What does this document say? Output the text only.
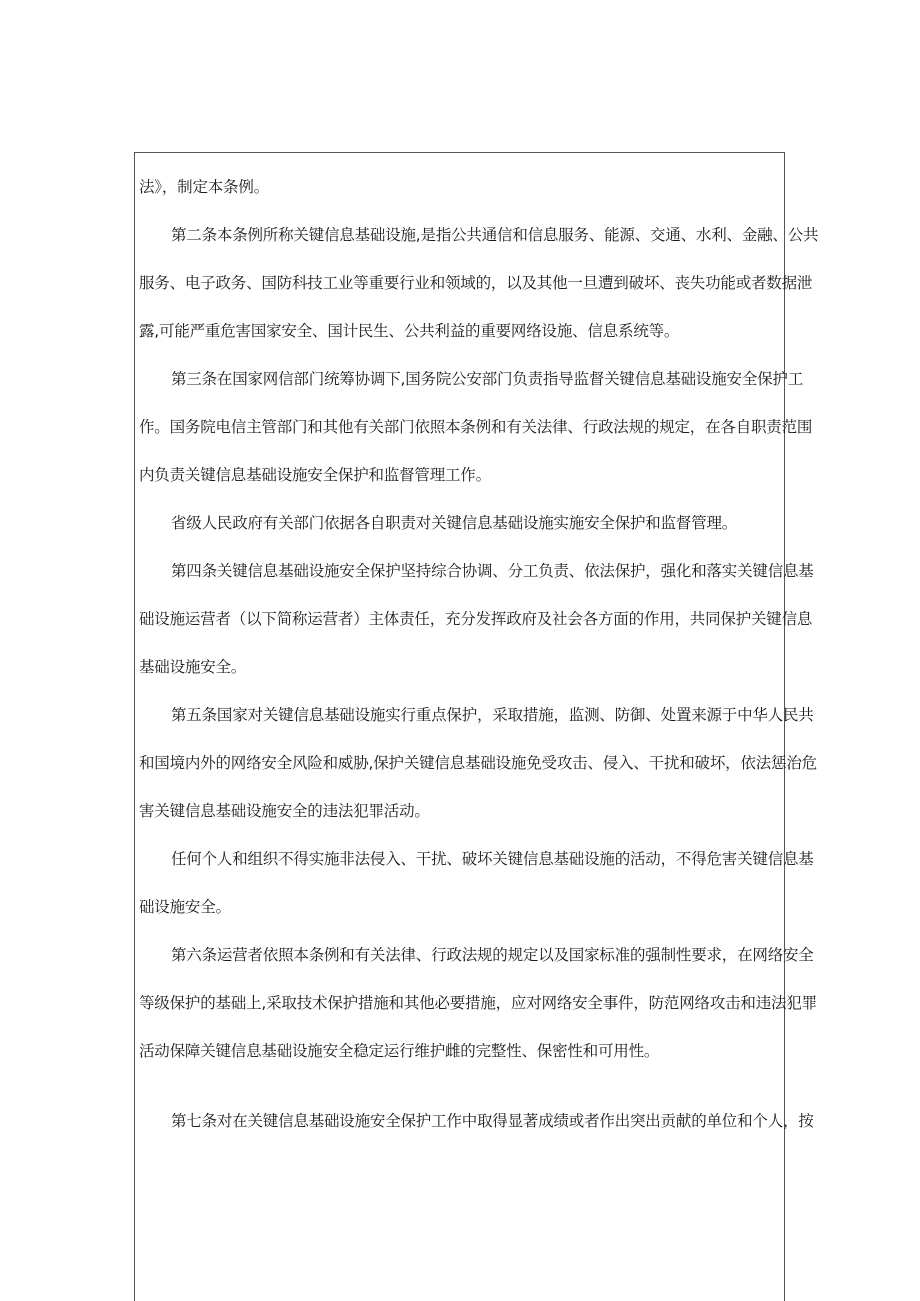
法》，制定本条例。
第二条本条例所称关键信息基础设施,是指公共通信和信息服务、能源、交通、水利、金融、公共
服务、电子政务、国防科技工业等重要行业和领域的，以及其他一旦遭到破坏、丧失功能或者数据泄
露,可能严重危害国家安全、国计民生、公共利益的重要网络设施、信息系统等。
第三条在国家网信部门统筹协调下,国务院公安部门负责指导监督关键信息基础设施安全保护工
作。国务院电信主管部门和其他有关部门依照本条例和有关法律、行政法规的规定，在各自职责范围
内负责关键信息基础设施安全保护和监督管理工作。
省级人民政府有关部门依据各自职责对关键信息基础设施实施安全保护和监督管理。
第四条关键信息基础设施安全保护坚持综合协调、分工负责、依法保护，强化和落实关键信息基
础设施运营者（以下简称运营者）主体责任，充分发挥政府及社会各方面的作用，共同保护关键信息
基础设施安全。
第五条国家对关键信息基础设施实行重点保护，采取措施，监测、防御、处置来源于中华人民共
和国境内外的网络安全风险和威胁,保护关键信息基础设施免受攻击、侵入、干扰和破坏，依法惩治危
害关键信息基础设施安全的违法犯罪活动。
任何个人和组织不得实施非法侵入、干扰、破坏关键信息基础设施的活动，不得危害关键信息基
础设施安全。
第六条运营者依照本条例和有关法律、行政法规的规定以及国家标准的强制性要求，在网络安全
等级保护的基础上,采取技术保护措施和其他必要措施，应对网络安全事件，防范网络攻击和违法犯罪
活动保障关键信息基础设施安全稳定运行维护雌的完整性、保密性和可用性。
第七条对在关键信息基础设施安全保护工作中取得显著成绩或者作出突出贡献的单位和个人，按
